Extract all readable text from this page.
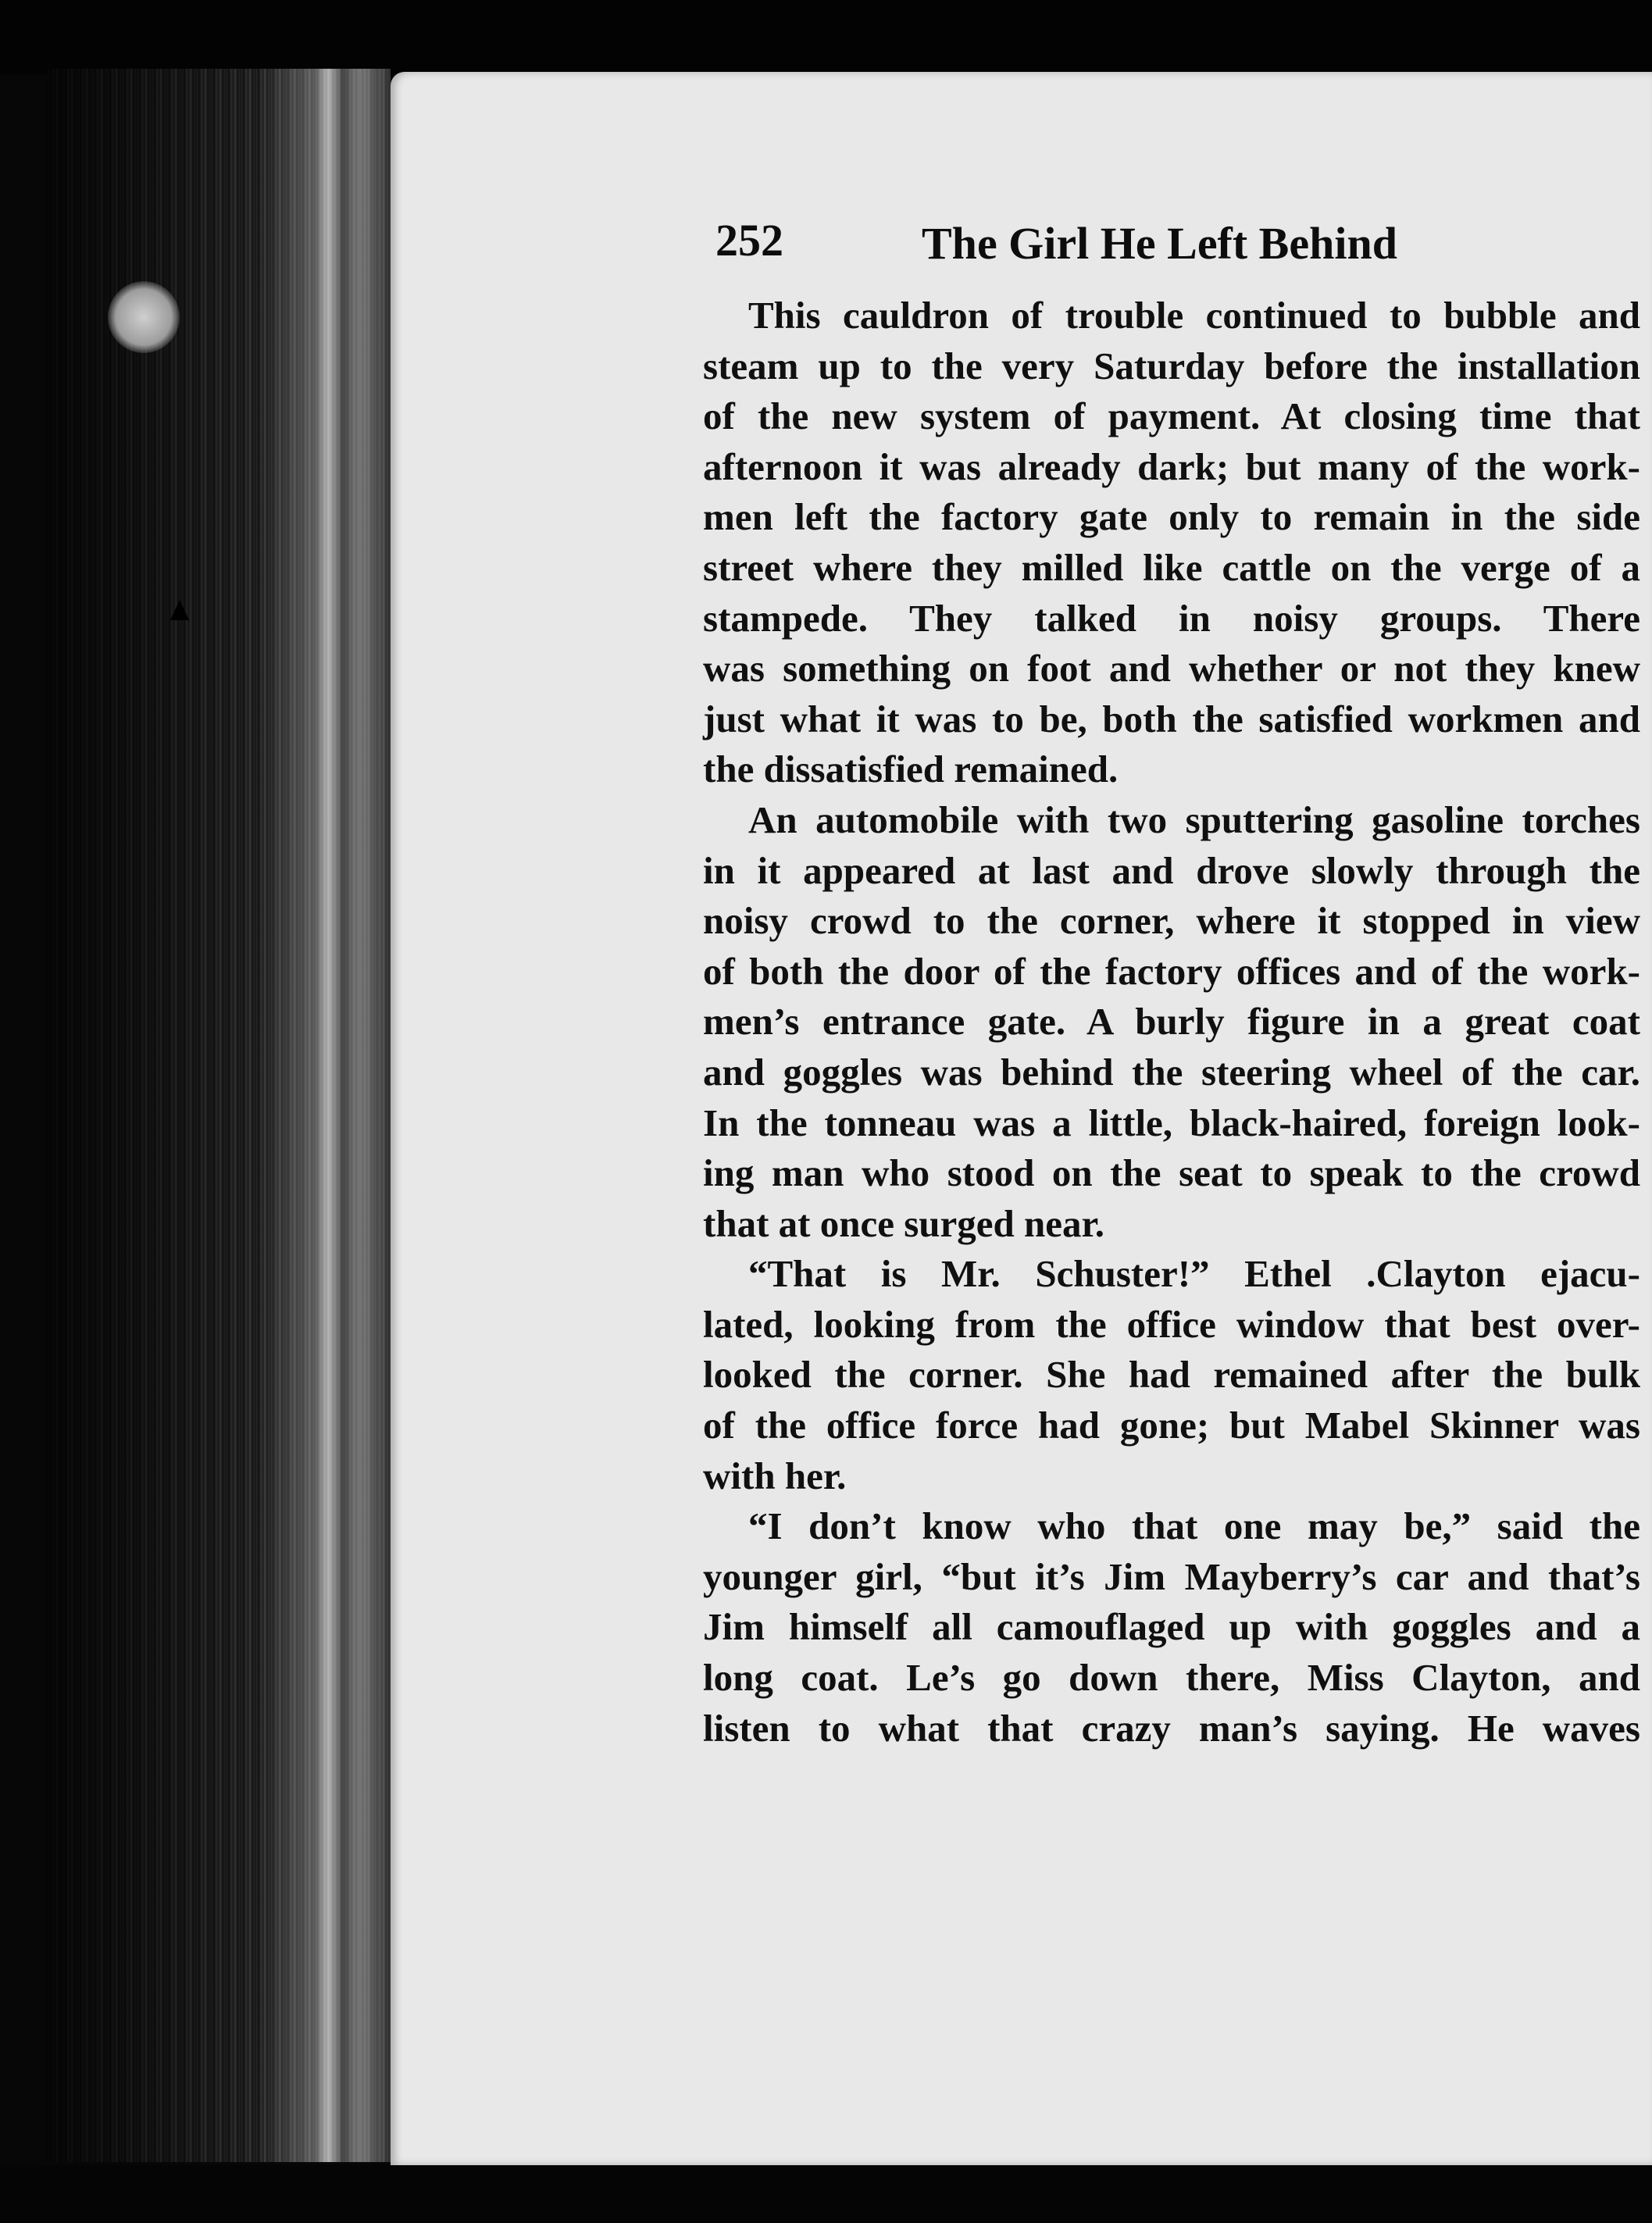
252	The Girl He Left Behind
This cauldron of trouble continued to bubble and
steam up to the very Saturday before the installation
of the new system of payment. At closing time that
afternoon it was already dark; but many of the work-
men left the factory gate only to remain in the side
street where they milled like cattle on the verge of a
stampede. They talked in noisy groups. There
was something on foot and whether or not they knew
just what it was to be, both the satisfied workmen and
the dissatisfied remained.
An automobile with two sputtering gasoline torches
in it appeared at last and drove slowly through the
noisy crowd to the corner, where it stopped in view
of both the door of the factory offices and of the work-
men’s entrance gate. A burly figure in a great coat
and goggles was behind the steering wheel of the car.
In the tonneau was a little, black-haired, foreign look-
ing man who stood on the seat to speak to the crowd
that at once surged near.
“That is Mr. Schuster!” Ethel .Clayton ejacu-
lated, looking from the office window that best over-
looked the corner. She had remained after the bulk
of the office force had gone; but Mabel Skinner was
with her.
“I don’t know who that one may be,” said the
younger girl, “but it’s Jim Mayberry’s car and that’s
Jim himself all camouflaged up with goggles and a
long coat. Le’s go down there, Miss Clayton, and
listen to what that crazy man’s saying. He waves
